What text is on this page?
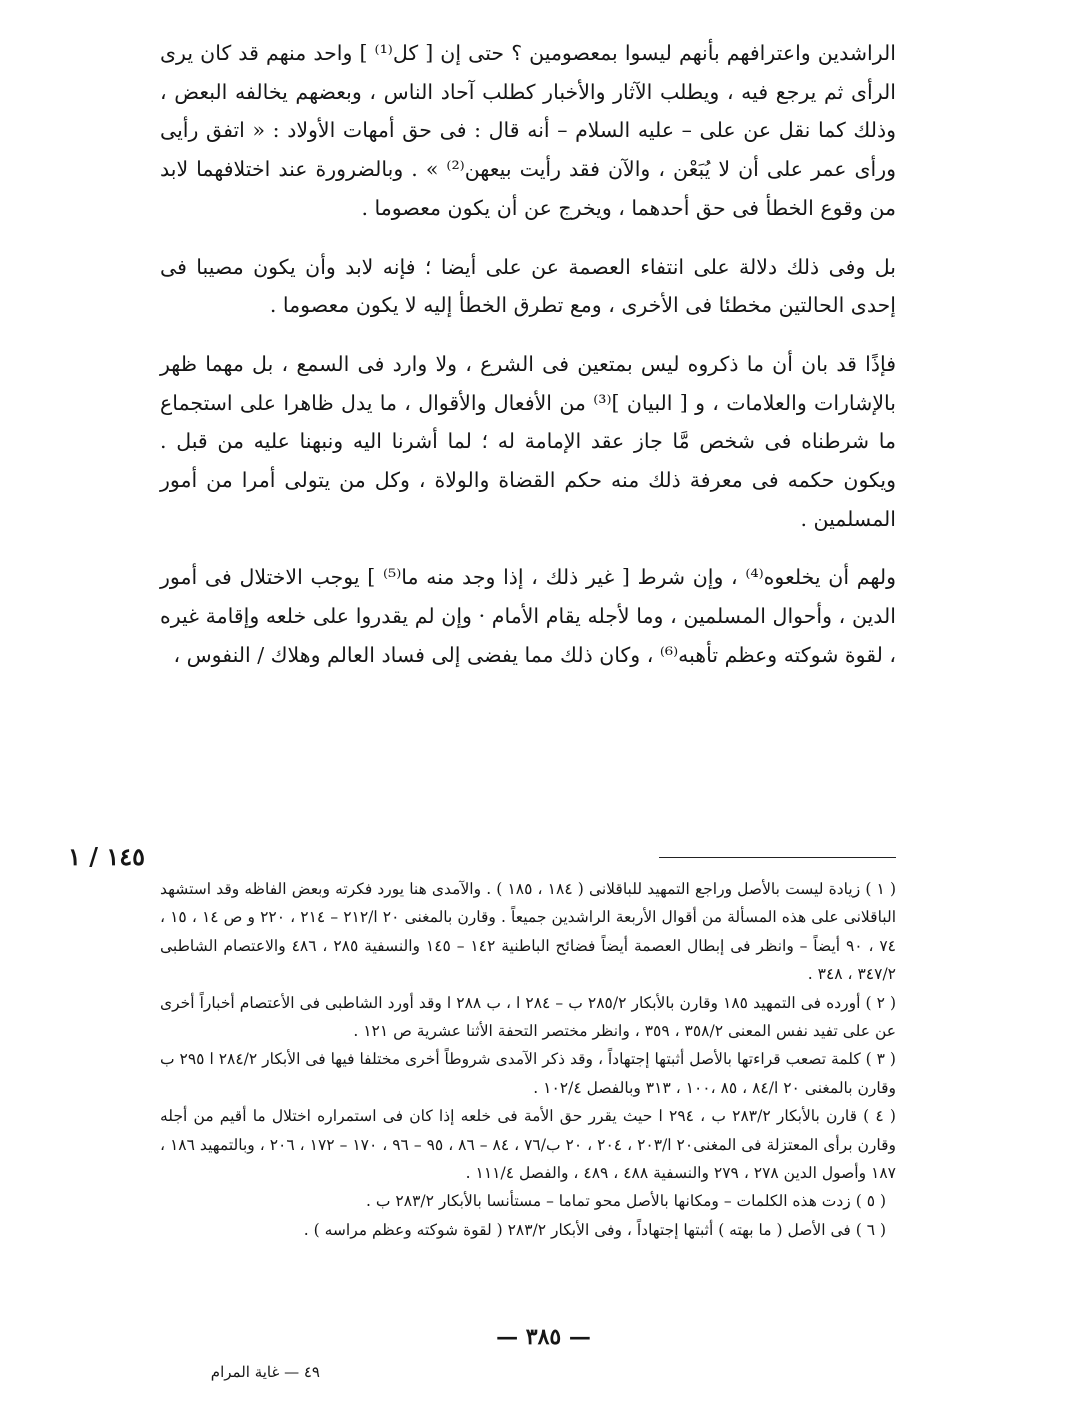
الراشدين واعترافهم بأنهم ليسوا بمعصومين ؟ حتى إن [ كل⁽¹⁾ ] واحد منهم قد كان يرى الرأى ثم يرجع فيه ، ويطلب الآثار والأخبار كطلب آحاد الناس ، وبعضهم يخالفه البعض ، وذلك كما نقل عن على – عليه السلام – أنه قال : فى حق أمهات الأولاد : « اتفق رأيى ورأى عمر على أن لا يُبَعْن ، والآن فقد رأيت بيعهن⁽²⁾ » . وبالضرورة عند اختلافهما لابد من وقوع الخطأ فى حق أحدهما ، ويخرج عن أن يكون معصوما .

بل وفى ذلك دلالة على انتفاء العصمة عن على أيضا ؛ فإنه لابد وأن يكون مصيبا فى إحدى الحالتين مخطئا فى الأخرى ، ومع تطرق الخطأ إليه لا يكون معصوما .

فإذًا قد بان أن ما ذكروه ليس بمتعين فى الشرع ، ولا وارد فى السمع ، بل مهما ظهر بالإشارات والعلامات ، و [ البيان ]⁽³⁾ من الأفعال والأقوال ، ما يدل ظاهرا على استجماع ما شرطناه فى شخص مَّا جاز عقد الإمامة له ؛ لما أشرنا اليه ونبهنا عليه من قبل . ويكون حكمه فى معرفة ذلك منه حكم القضاة والولاة ، وكل من يتولى أمرا من أمور المسلمين .

ولهم أن يخلعوه⁽⁴⁾ ، وإن شرط [ غير ذلك ، إذا وجد منه ما⁽⁵⁾ ] يوجب الاختلال فى أمور الدين ، وأحوال المسلمين ، وما لأجله يقام الأمام · وإن لم يقدروا على خلعه وإقامة غيره ، لقوة شوكته وعظم تأهبه⁽⁶⁾ ، وكان ذلك مما يفضى إلى فساد العالم وهلاك / النفوس ،

١٤٥ / ١

( ١ ) زيادة ليست بالأصل وراجع التمهيد للباقلانى ( ١٨٤ ، ١٨٥ ) . والآمدى هنا يورد فكرته وبعض الفاظه وقد استشهد الباقلانى على هذه المسألة من أقوال الأربعة الراشدين جميعاً . وقارن بالمغنى ٢٠ ا/٢١٢ – ٢١٤ ، ٢٢٠ و ص ١٤ ، ١٥ ، ٧٤ ، ٩٠ أيضاً – وانظر فى إبطال العصمة أيضاً فضائح الباطنية ١٤٢ – ١٤٥ والنسفية ٢٨٥ ، ٤٨٦ والاعتصام الشاطبى ٣٤٧/٢ ، ٣٤٨ .

( ٢ ) أورده فى التمهيد ١٨٥ وقارن بالأبكار ٢٨٥/٢ ب – ٢٨٤ ا ، ب ٢٨٨ ا وقد أورد الشاطبى فى الأعتصام أخباراً أخرى عن على تفيد نفس المعنى ٣٥٨/٢ ، ٣٥٩ ، وانظر مختصر التحفة الأثنا عشرية ص ١٢١ .

( ٣ ) كلمة تصعب قراءتها بالأصل أثبتها إجتهاداً ، وقد ذكر الآمدى شروطاً أخرى مختلفا فيها فى الأبكار ٢٨٤/٢ ا ٢٩٥ ب وقارن بالمغنى ٢٠ ا/٨٤ ، ٨٥ ،١٠٠ ، ٣١٣ وبالفصل ١٠٢/٤ .

( ٤ ) قارن بالأبكار ٢٨٣/٢ ب ، ٢٩٤ ا حيث يقرر حق الأمة فى خلعه إذا كان فى استمراره اختلال ما أقيم من أجله وقارن برأى المعتزلة فى المغنى٢٠ ا/٢٠٣ ، ٢٠٤ ، ٢٠ ب/٧٦ ، ٨٤ – ٨٦ ، ٩٥ – ٩٦ ، ١٧٠ – ١٧٢ ، ٢٠٦ ، وبالتمهيد ١٨٦ ، ١٨٧ وأصول الدين ٢٧٨ ، ٢٧٩ والنسفية ٤٨٨ ، ٤٨٩ ، والفصل ١١١/٤ .

( ٥ ) زدت هذه الكلمات – ومكانها بالأصل محو تماما – مستأنسا بالأبكار ٢٨٣/٢ ب .

( ٦ ) فى الأصل ( ما بهته ) أثبتها إجتهاداً ، وفى الأبكار ٢٨٣/٢ ( لقوة شوكته وعظم مراسه ) .

— ٣٨٥ —
٤٩ — غاية المرام
